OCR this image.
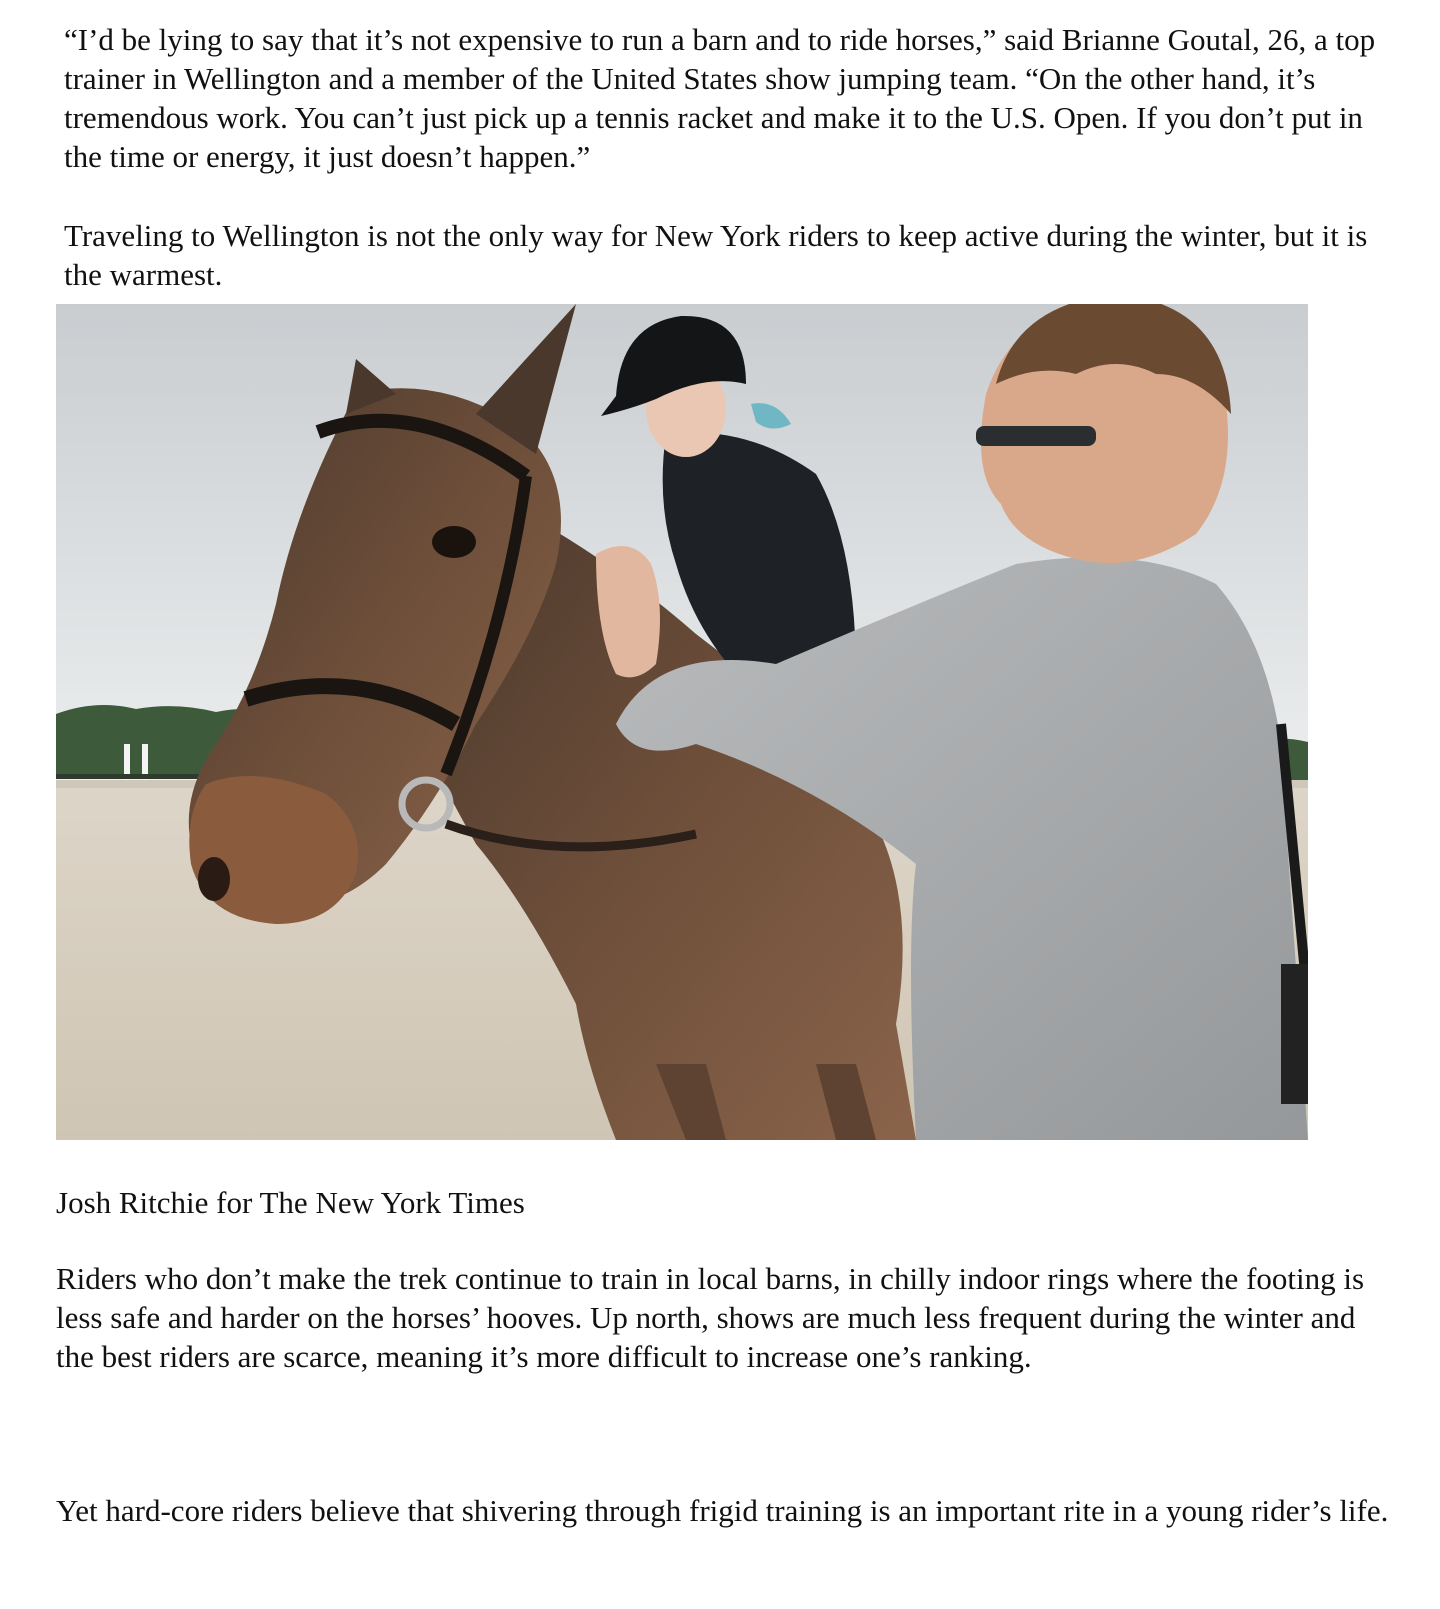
“I’d be lying to say that it’s not expensive to run a barn and to ride horses,” said Brianne Goutal, 26, a top trainer in Wellington and a member of the United States show jumping team. “On the other hand, it’s tremendous work. You can’t just pick up a tennis racket and make it to the U.S. Open. If you don’t put in the time or energy, it just doesn’t happen.”

Traveling to Wellington is not the only way for New York riders to keep active during the winter, but it is the warmest.

Josh Ritchie for The New York Times

Riders who don’t make the trek continue to train in local barns, in chilly indoor rings where the footing is less safe and harder on the horses’ hooves. Up north, shows are much less frequent during the winter and the best riders are scarce, meaning it’s more difficult to increase one’s ranking.

Yet hard-core riders believe that shivering through frigid training is an important rite in a young rider’s life.
